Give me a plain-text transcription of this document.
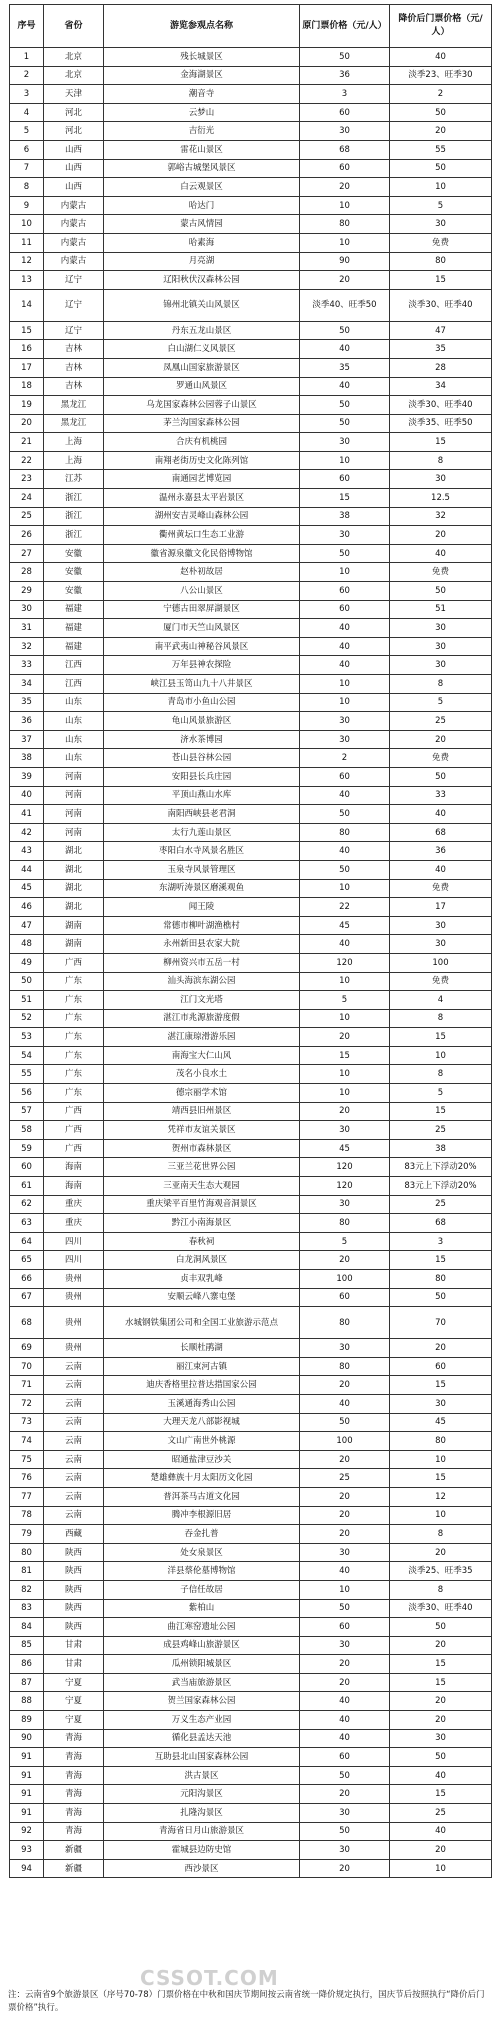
序号	省份	游览参观点名称	原门票价格（元/人）	降价后门票价格（元/人）
1	北京	残长城景区	50	40
2	北京	金海湖景区	36	淡季23、旺季30
3	天津	潮音寺	3	2
4	河北	云梦山	60	50
5	河北	吉衍光	30	20
6	山西	雷花山景区	68	55
7	山西	郭峪古城堡风景区	60	50
8	山西	白云观景区	20	10
9	内蒙古	哈达门	10	5
10	内蒙古	蒙古风情园	80	30
11	内蒙古	哈素海	10	免费
12	内蒙古	月亮湖	90	80
13	辽宁	辽阳秋伏汉森林公园	20	15
14	辽宁	锦州北镇关山风景区	淡季40、旺季50	淡季30、旺季40
15	辽宁	丹东五龙山景区	50	47
16	吉林	白山湖仁义风景区	40	35
17	吉林	凤凰山国家旅游景区	35	28
18	吉林	罗通山风景区	40	34
19	黑龙江	乌龙国家森林公园蓉子山景区	50	淡季30、旺季40
20	黑龙江	茅兰沟国家森林公园	50	淡季35、旺季50
21	上海	合庆有机桃园	30	15
22	上海	南翔老街历史文化陈列馆	10	8
23	江苏	南通园艺博览园	60	30
24	浙江	温州永嘉县太平岩景区	15	12.5
25	浙江	湖州安吉灵峰山森林公园	38	32
26	浙江	衢州黄坛口生态工业游	30	20
27	安徽	徽省源泉徽文化民俗博物馆	50	40
28	安徽	赵朴初故居	10	免费
29	安徽	八公山景区	60	50
30	福建	宁德古田翠屏湖景区	60	51
31	福建	厦门市天竺山风景区	40	30
32	福建	南平武夷山神秘谷风景区	40	30
33	江西	万年县神农探险	40	30
34	江西	峡江县玉笥山九十八井景区	10	8
35	山东	青岛市小鱼山公园	10	5
36	山东	龟山风景旅游区	30	25
37	山东	济水茶博园	30	20
38	山东	苍山县谷林公园	2	免费
39	河南	安阳县长兵庄园	60	50
40	河南	平顶山燕山水库	40	33
41	河南	南阳西峡县老君洞	50	40
42	河南	太行九莲山景区	80	68
43	湖北	枣阳白水寺风景名胜区	40	36
44	湖北	玉泉寺风景管理区	50	40
45	湖北	东湖听涛景区磨溪观鱼	10	免费
46	湖北	闻王陵	22	17
47	湖南	常德市柳叶湖渔樵村	45	30
48	湖南	永州新田县农家大院	40	30
49	广西	柳州资兴市五岳一村	120	100
50	广东	汕头海滨东湖公园	10	免费
51	广东	江门文光塔	5	4
52	广东	湛江市兆源旅游度假	10	8
53	广东	湛江康琼滑游乐园	20	15
54	广东	南海宝大仁山风	15	10
55	广东	茂名小良水土	10	8
56	广东	德宗丽学术馆	10	5
57	广西	靖西县旧州景区	20	15
58	广西	凭祥市友谊关景区	30	25
59	广西	贺州市森林景区	45	38
60	海南	三亚兰花世界公园	120	83元上下浮动20%
61	海南	三亚南天生态大观园	120	83元上下浮动20%
62	重庆	重庆梁平百里竹海观音洞景区	30	25
63	重庆	黔江小南海景区	80	68
64	四川	春秋祠	5	3
65	四川	白龙洞风景区	20	15
66	贵州	贞丰双乳峰	100	80
67	贵州	安顺云峰八寨屯堡	60	50
68	贵州	水城钢铁集团公司和全国工业旅游示范点	80	70
69	贵州	长顺杜鹃湖	30	20
70	云南	丽江束河古镇	80	60
71	云南	迪庆香格里拉普达措国家公园	20	15
72	云南	玉溪通海秀山公园	40	30
73	云南	大理天龙八部影视城	50	45
74	云南	文山广南世外桃源	100	80
75	云南	昭通盐津豆沙关	20	10
76	云南	楚雄彝族十月太阳历文化园	25	15
77	云南	普洱茶马古道文化园	20	12
78	云南	腾冲李根源旧居	20	10
79	西藏	吞金扎普	20	8
80	陕西	处女泉景区	30	20
81	陕西	洋县蔡伦墓博物馆	40	淡季25、旺季35
82	陕西	子信任故居	10	8
83	陕西	紫柏山	50	淡季30、旺季40
84	陕西	曲江寒窑遗址公园	60	50
85	甘肃	成县鸡峰山旅游景区	30	20
86	甘肃	瓜州锁阳城景区	20	15
87	宁夏	武当庙旅游景区	20	15
88	宁夏	贺兰国家森林公园	40	20
89	宁夏	万义生态产业园	40	20
90	青海	循化县孟达天池	40	30
91	青海	互助县北山国家森林公园	60	50
91	青海	洪古景区	50	40
91	青海	元阳沟景区	20	15
91	青海	扎隆沟景区	30	25
92	青海	青海省日月山旅游景区	50	40
93	新疆	霍城县边防史馆	30	20
94	新疆	西沙景区	20	10
CSSOT.COM
注：云南省9个旅游景区（序号70-78）门票价格在中秋和国庆节期间按云南省统一降价规定执行，国庆节后按照执行“降价后门票价格”执行。
